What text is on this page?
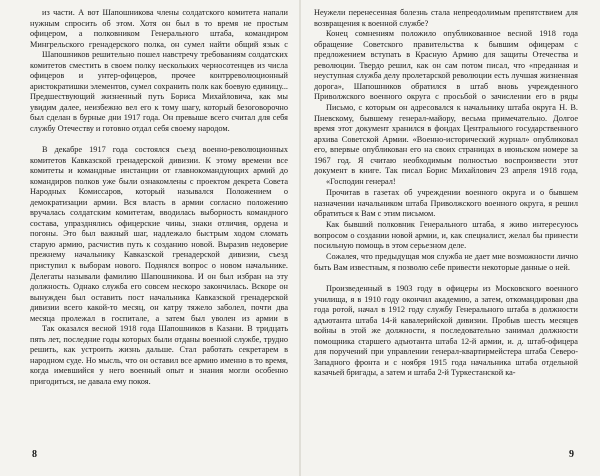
из части. А вот Шапошникова члены солдатского комитета напали нужным спросить об этом. Хотя он был в то время не простым офицером, а полковником Генерального штаба, командиром Мингрельского гренадерского полка, он сумел найти общий язык с

Шапошников решительно пошел навстречу требованиям солдатских комитетов сместить в своем полку нескольких черносотенцев из числа офицеров и унтер-офицеров, прочее контрреволюционный аристократишки элементов, сумел сохранить полк как боевую единицу... Предшествующий жизненный путь Бориса Михайловича, как мы увидим далее, неизбежно вел его к тому шагу, который безоговорочно был сделан в бурные дни 1917 года. Он превыше всего считал для себя службу Отечеству и готовно отдал себя своему народом.

В декабре 1917 года состоялся съезд военно-революционных комитетов Кавказской гренадерской дивизии. К этому времени все комитеты и командные инстанции от главнокомандующих армий до командиров полков уже были ознакомлены с проектом декрета Совета Народных Комиссаров, который назывался Положением о демократизации армии. Вся власть в армии согласно положению вручалась солдатским комитетам, вводилась выборность командного состава, упразднялись офицерские чины, знаки отличия, ордена и погоны. Это был важный шаг, надлежало быстрым ходом сломать старую армию, расчистив путь к созданию новой. Выразив недоверие прежнему начальнику Кавказской гренадерской дивизии, съезд приступил к выборам нового. Поднялся вопрос о новом начальнике. Делегаты называли фамилию Шапошникова. И он был избран на эту должность. Однако служба его совсем нескоро закончилась. Вскоре он вынужден был оставить пост начальника Кавказской гренадерской дивизии всего какой-то месяц, он катру тяжело заболел, почти два месяца пролежал в госпитале, а затем был уволен из армии в

Так оказался весной 1918 года Шапошников в Казани. В тридцать пять лет, последние годы которых были отданы военной службе, трудно решить, как устроить жизнь дальше. Стал работать секретарем в народном суде. Но мысль, что он оставил все армию именно в то время, когда имевшийся у него военный опыт и знания могли особенно пригодиться, не давала ему покоя.

8

Неужели перенесенная болезнь стала непреодолимым препятствием для возвращения к военной службе?

Конец сомнениям положило опубликованное весной 1918 года обращение Советского правительства к бывшим офицерам с предложением вступать в Красную Армию для защиты Отечества и революции. Твердо решил, как он сам потом писал, что «преданная и неуступная служба делу пролетарской революции есть лучшая жизненная дорога», Шапошников обратился в штаб вновь учрежденного Приволжского военного округа с просьбой о зачислении его в ряды

Письмо, с которым он адресовался к начальнику штаба округа Н. В. Пневскому, бывшему генерал-майору, весьма примечательно. Долгое время этот документ хранился в фондах Центрального государственного архива Советской Армии. «Военно-исторический журнал» опубликовал его, впервые опубликован его на своих страницах в июньском номере за 1967 год. Я считаю необходимым полностью воспроизвести этот документ в книге. Так писал Борис Михайлович 23 апреля 1918 года,

«Господин генерал!

Прочитав в газетах об учреждении военного округа и о бывшем назначении начальником штаба Приволжского военного округа, я решил обратиться к Вам с этим письмом.

Как бывший полковник Генерального штаба, я живо интересуюсь вопросом о создании новой армии, и, как специалист, желал бы принести посильную помощь в этом серьезном деле.

Сожалея, что предыдущая моя служба не дает мне возможности лично быть Вам известным, я позволю себе привести некоторые данные о ней.

Произведенный в 1903 году в офицеры из Московского военного училища, я в 1910 году окончил академию, а затем, откомандирован два года ротой, начал в 1912 году службу Генерального штаба в должности адъютанта штаба 14-й кавалерийской дивизии. Пробыв шесть месяцев войны в этой же должности, я последовательно занимал должности помощника старшего адъютанта штаба 12-й армии, и. д. штаб-офицера для поручений при управлении генерал-квартирмейстера штаба Северо-Западного фронта и с ноября 1915 года начальника штаба отдельной казачьей бригады, а затем и штаба 2-й Туркестанской ка-

9
